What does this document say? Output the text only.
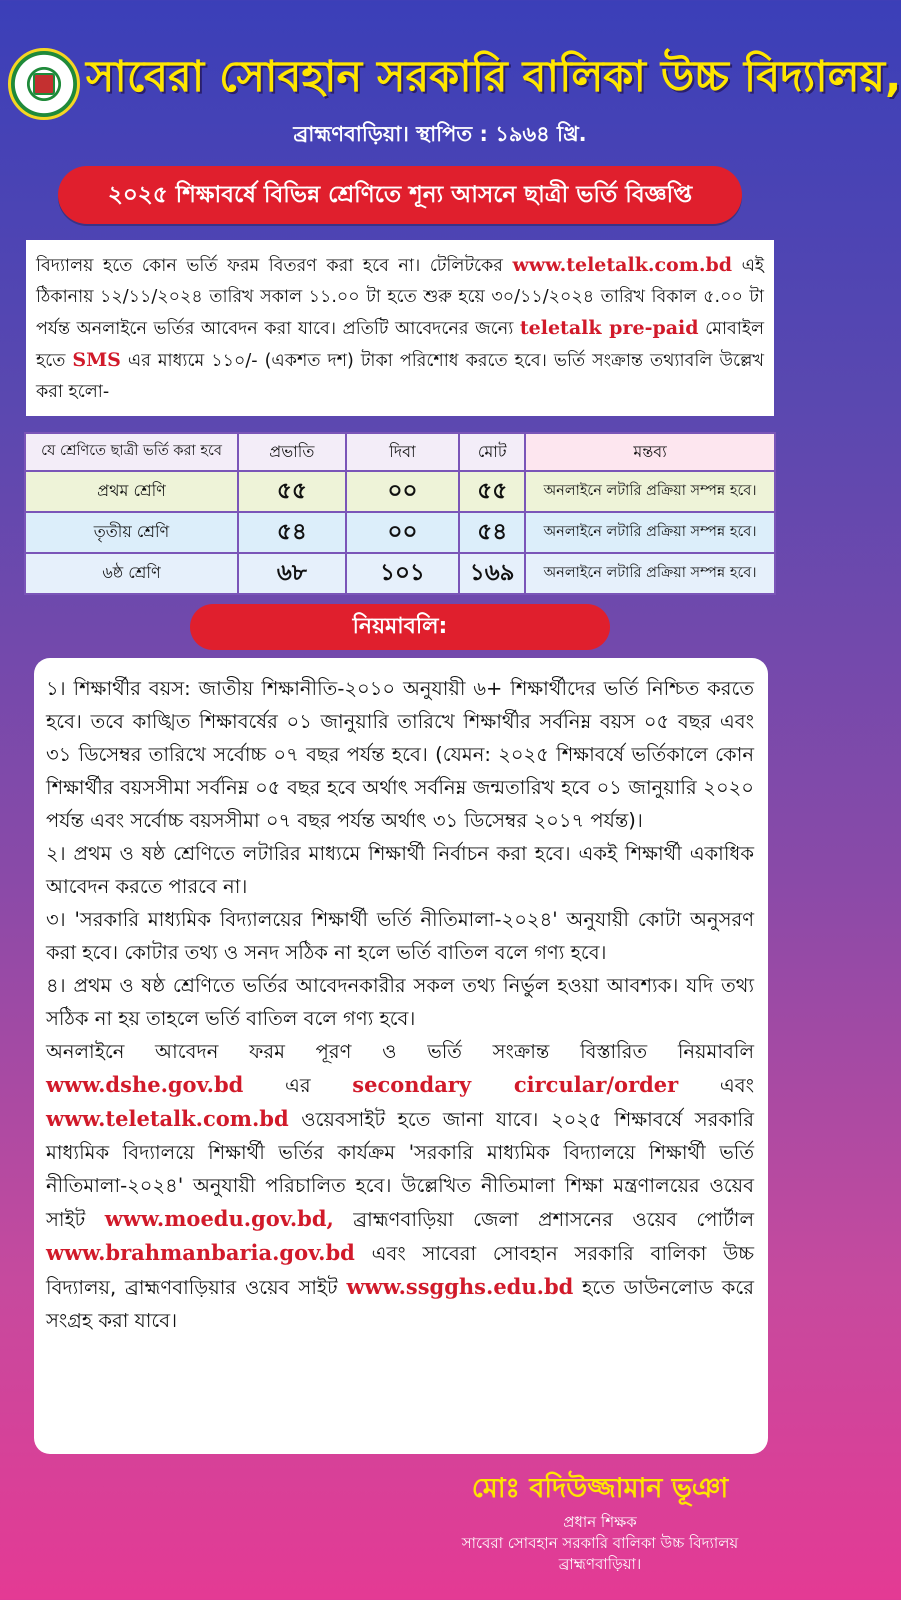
সাবেরা সোবহান সরকারি বালিকা উচ্চ বিদ্যালয়,
ব্রাহ্মণবাড়িয়া। স্থাপিত : ১৯৬৪ খ্রি.
২০২৫ শিক্ষাবর্ষে বিভিন্ন শ্রেণিতে শূন্য আসনে ছাত্রী ভর্তি বিজ্ঞপ্তি
বিদ্যালয় হতে কোন ভর্তি ফরম বিতরণ করা হবে না। টেলিটকের www.teletalk.com.bd এই ঠিকানায় ১২/১১/২০২৪ তারিখ সকাল ১১.০০ টা হতে শুরু হয়ে ৩০/১১/২০২৪ তারিখ বিকাল ৫.০০ টা পর্যন্ত অনলাইনে ভর্তির আবেদন করা যাবে। প্রতিটি আবেদনের জন্যে teletalk pre-paid মোবাইল হতে SMS এর মাধ্যমে ১১০/- (একশত দশ) টাকা পরিশোধ করতে হবে। ভর্তি সংক্রান্ত তথ্যাবলি উল্লেখ করা হলো-
যে শ্রেণিতে ছাত্রী ভর্তি করা হবে	প্রভাতি	দিবা	মোট	মন্তব্য
প্রথম শ্রেণি	৫৫	০০	৫৫	অনলাইনে লটারি প্রক্রিয়া সম্পন্ন হবে।
তৃতীয় শ্রেণি	৫৪	০০	৫৪	অনলাইনে লটারি প্রক্রিয়া সম্পন্ন হবে।
৬ষ্ঠ শ্রেণি	৬৮	১০১	১৬৯	অনলাইনে লটারি প্রক্রিয়া সম্পন্ন হবে।
নিয়মাবলি:

১। শিক্ষার্থীর বয়স: জাতীয় শিক্ষানীতি-২০১০ অনুযায়ী ৬+ শিক্ষার্থীদের ভর্তি নিশ্চিত করতে হবে। তবে কাঙ্খিত শিক্ষাবর্ষের ০১ জানুয়ারি তারিখে শিক্ষার্থীর সর্বনিম্ন বয়স ০৫ বছর এবং ৩১ ডিসেম্বর তারিখে সর্বোচ্চ ০৭ বছর পর্যন্ত হবে। (যেমন: ২০২৫ শিক্ষাবর্ষে ভর্তিকালে কোন শিক্ষার্থীর বয়সসীমা সর্বনিম্ন ০৫ বছর হবে অর্থাৎ সর্বনিম্ন জন্মতারিখ হবে ০১ জানুয়ারি ২০২০ পর্যন্ত এবং সর্বোচ্চ বয়সসীমা ০৭ বছর পর্যন্ত অর্থাৎ ৩১ ডিসেম্বর ২০১৭ পর্যন্ত)।

২। প্রথম ও ষষ্ঠ শ্রেণিতে লটারির মাধ্যমে শিক্ষার্থী নির্বাচন করা হবে। একই শিক্ষার্থী একাধিক আবেদন করতে পারবে না।

৩। 'সরকারি মাধ্যমিক বিদ্যালয়ের শিক্ষার্থী ভর্তি নীতিমালা-২০২৪' অনুযায়ী কোটা অনুসরণ করা হবে। কোটার তথ্য ও সনদ সঠিক না হলে ভর্তি বাতিল বলে গণ্য হবে।

৪। প্রথম ও ষষ্ঠ শ্রেণিতে ভর্তির আবেদনকারীর সকল তথ্য নির্ভুল হওয়া আবশ্যক। যদি তথ্য সঠিক না হয় তাহলে ভর্তি বাতিল বলে গণ্য হবে।

অনলাইনে আবেদন ফরম পূরণ ও ভর্তি সংক্রান্ত বিস্তারিত নিয়মাবলি www.dshe.gov.bd এর secondary circular/order এবং www.teletalk.com.bd ওয়েবসাইট হতে জানা যাবে। ২০২৫ শিক্ষাবর্ষে সরকারি মাধ্যমিক বিদ্যালয়ে শিক্ষার্থী ভর্তির কার্যক্রম 'সরকারি মাধ্যমিক বিদ্যালয়ে শিক্ষার্থী ভর্তি নীতিমালা-২০২৪' অনুযায়ী পরিচালিত হবে। উল্লেখিত নীতিমালা শিক্ষা মন্ত্রণালয়ের ওয়েব সাইট www.moedu.gov.bd, ব্রাহ্মণবাড়িয়া জেলা প্রশাসনের ওয়েব পোর্টাল www.brahmanbaria.gov.bd এবং সাবেরা সোবহান সরকারি বালিকা উচ্চ বিদ্যালয়, ব্রাহ্মণবাড়িয়ার ওয়েব সাইট www.ssgghs.edu.bd হতে ডাউনলোড করে সংগ্রহ করা যাবে।

মোঃ বদিউজ্জামান ভূঞা
প্রধান শিক্ষক
সাবেরা সোবহান সরকারি বালিকা উচ্চ বিদ্যালয়
ব্রাহ্মণবাড়িয়া।
